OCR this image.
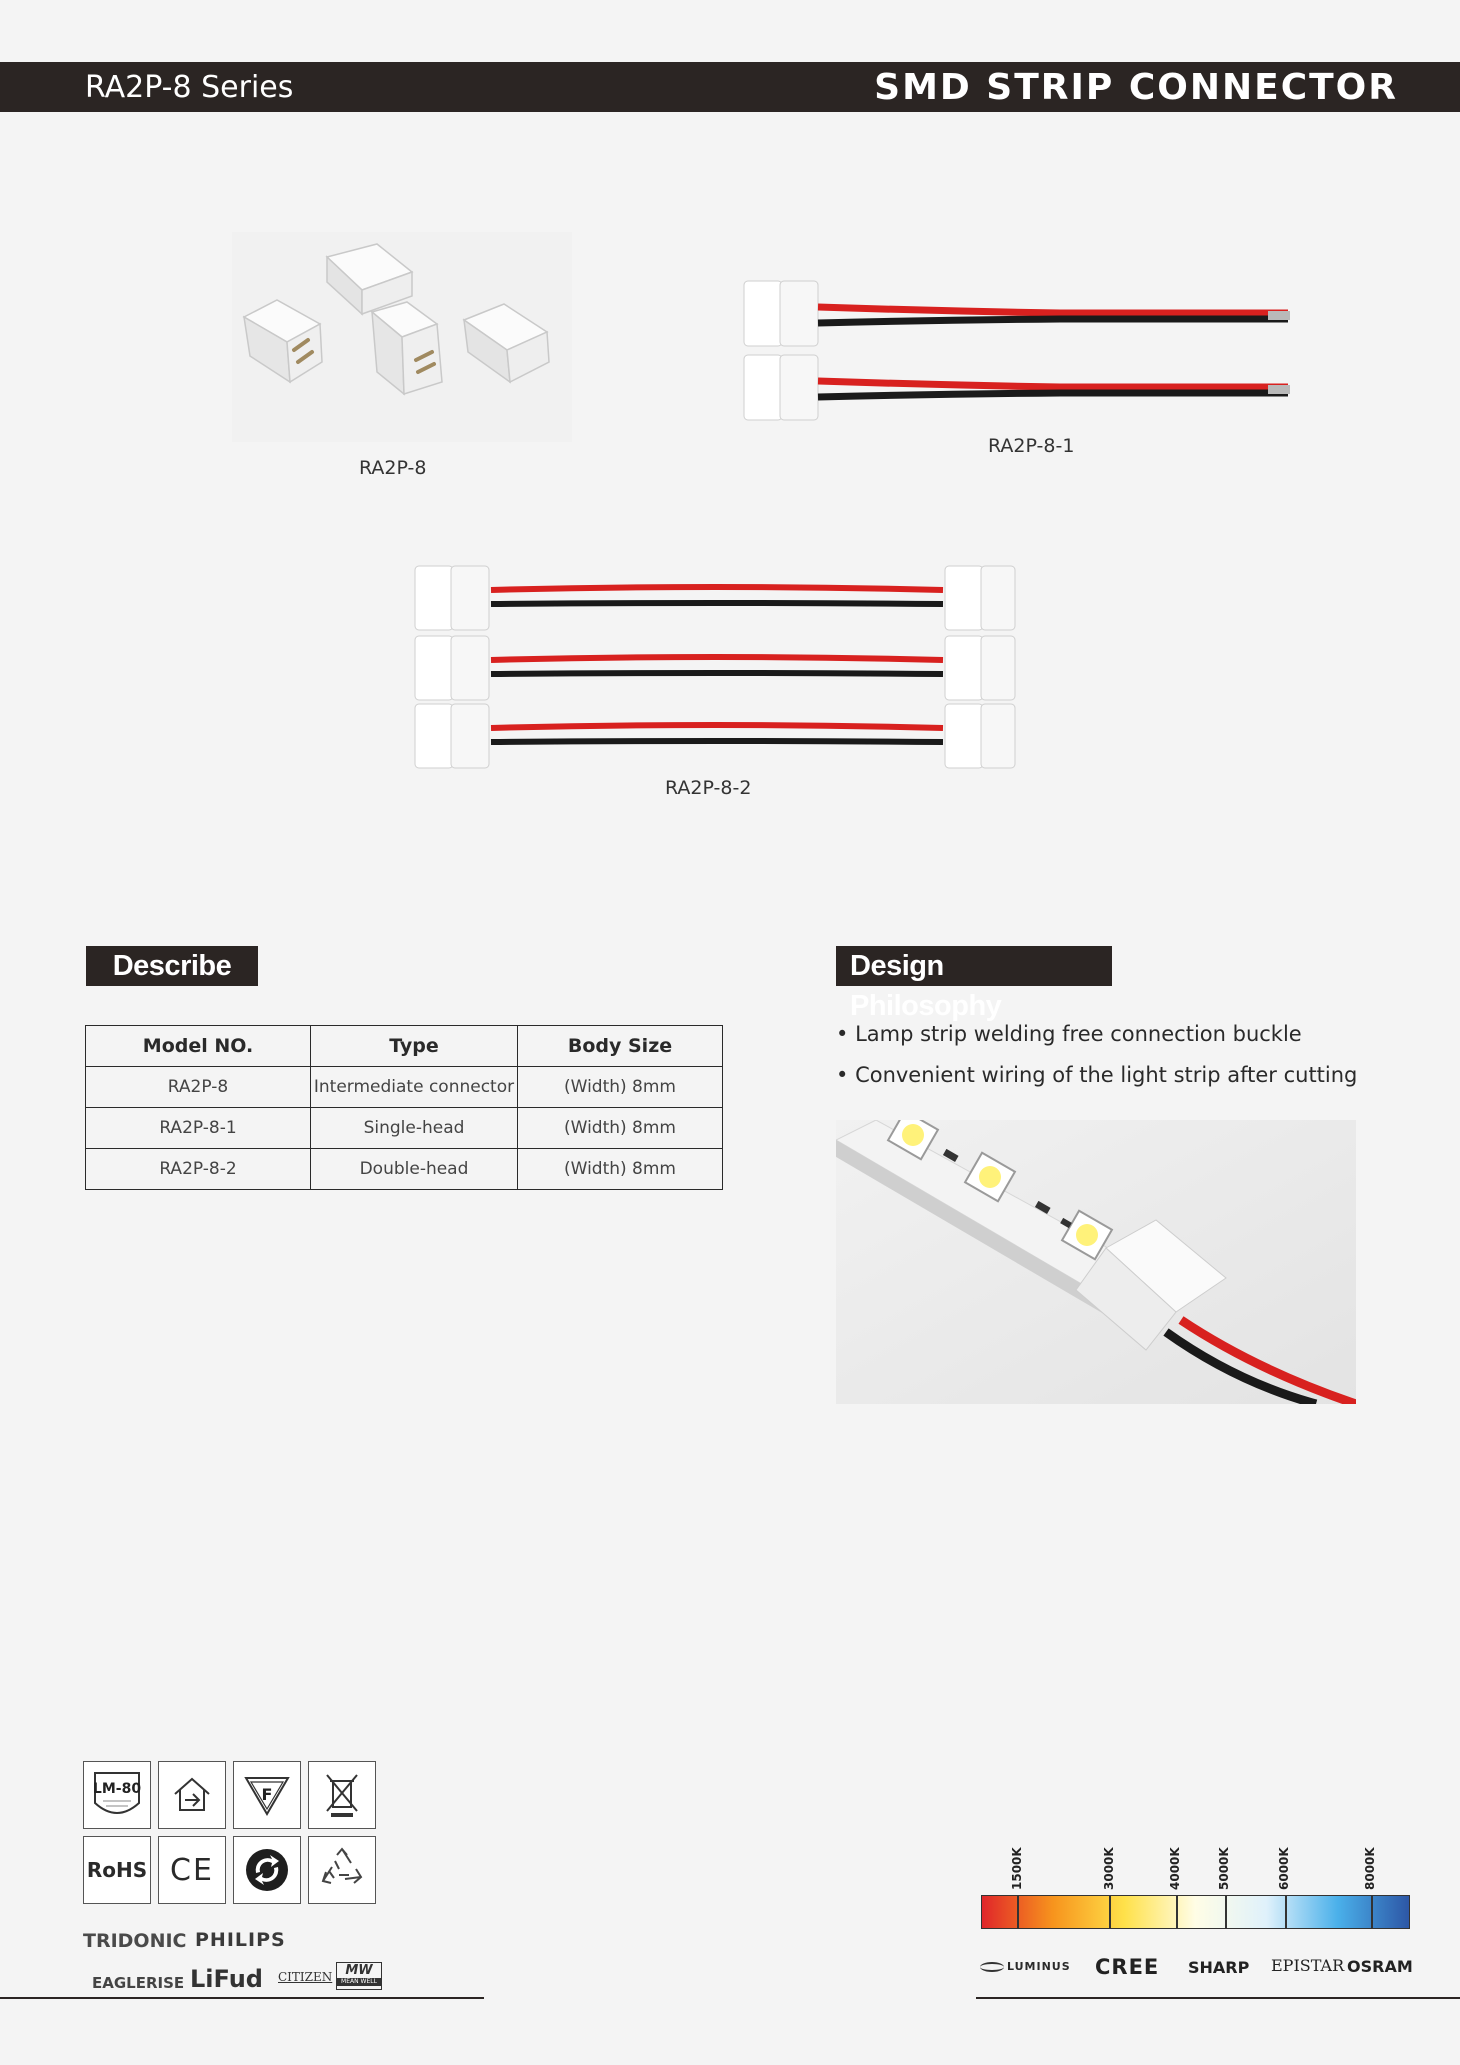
RA2P-8 Series	SMD STRIP CONNECTOR
RA2P-8
RA2P-8-1
RA2P-8-2
Describe
Model NO.	Type	Body Size
RA2P-8	Intermediate connector	(Width) 8mm
RA2P-8-1	Single-head	(Width) 8mm
RA2P-8-2	Double-head	(Width) 8mm
Design Philosophy
• Lamp strip welding free connection buckle
• Convenient wiring of the light strip after cutting
LM-80	F
RoHS CE
TRIDONIC PHILIPS
EAGLERISE LiFud CITIZEN	MW
MEAN WELL
1500K	3000K	4000K	5000K	6000K	8000K
LUMINUS CREE SHARP EPISTAR OSRAM
